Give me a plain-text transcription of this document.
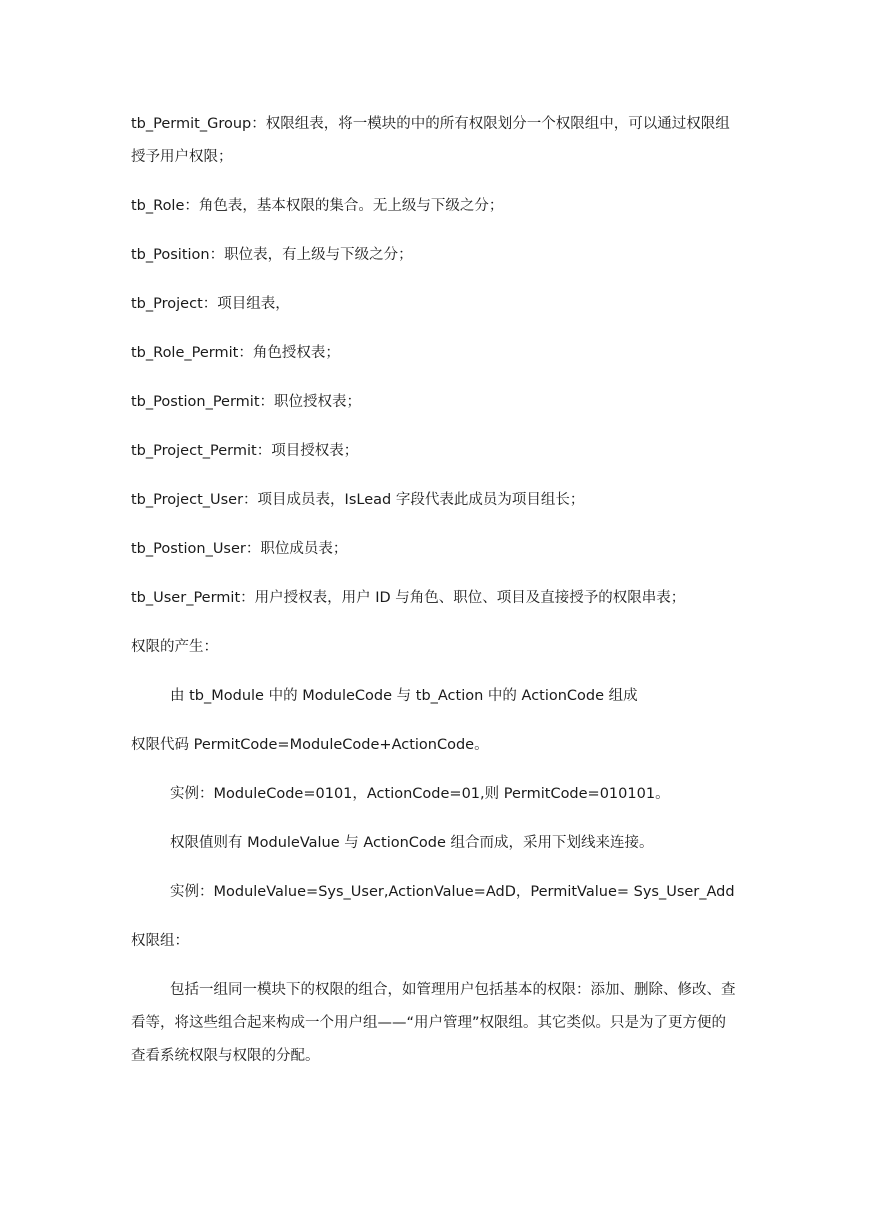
tb_Permit_Group：权限组表，将一模块的中的所有权限划分一个权限组中，可以通过权限组授予用户权限；

tb_Role：角色表，基本权限的集合。无上级与下级之分；

tb_Position：职位表，有上级与下级之分；

tb_Project：项目组表，

tb_Role_Permit：角色授权表；

tb_Postion_Permit：职位授权表；

tb_Project_Permit：项目授权表；

tb_Project_User：项目成员表，IsLead 字段代表此成员为项目组长；

tb_Postion_User：职位成员表；

tb_User_Permit：用户授权表，用户 ID 与角色、职位、项目及直接授予的权限串表；

权限的产生：

由 tb_Module 中的 ModuleCode 与 tb_Action 中的 ActionCode 组成

权限代码 PermitCode=ModuleCode+ActionCode。

实例：ModuleCode=0101，ActionCode=01,则 PermitCode=010101。

权限值则有 ModuleValue 与 ActionCode 组合而成，采用下划线来连接。

实例：ModuleValue=Sys_User,ActionValue=AdD，PermitValue= Sys_User_Add

权限组：

包括一组同一模块下的权限的组合，如管理用户包括基本的权限：添加、删除、修改、查看等，将这些组合起来构成一个用户组——“用户管理”权限组。其它类似。只是为了更方便的查看系统权限与权限的分配。
